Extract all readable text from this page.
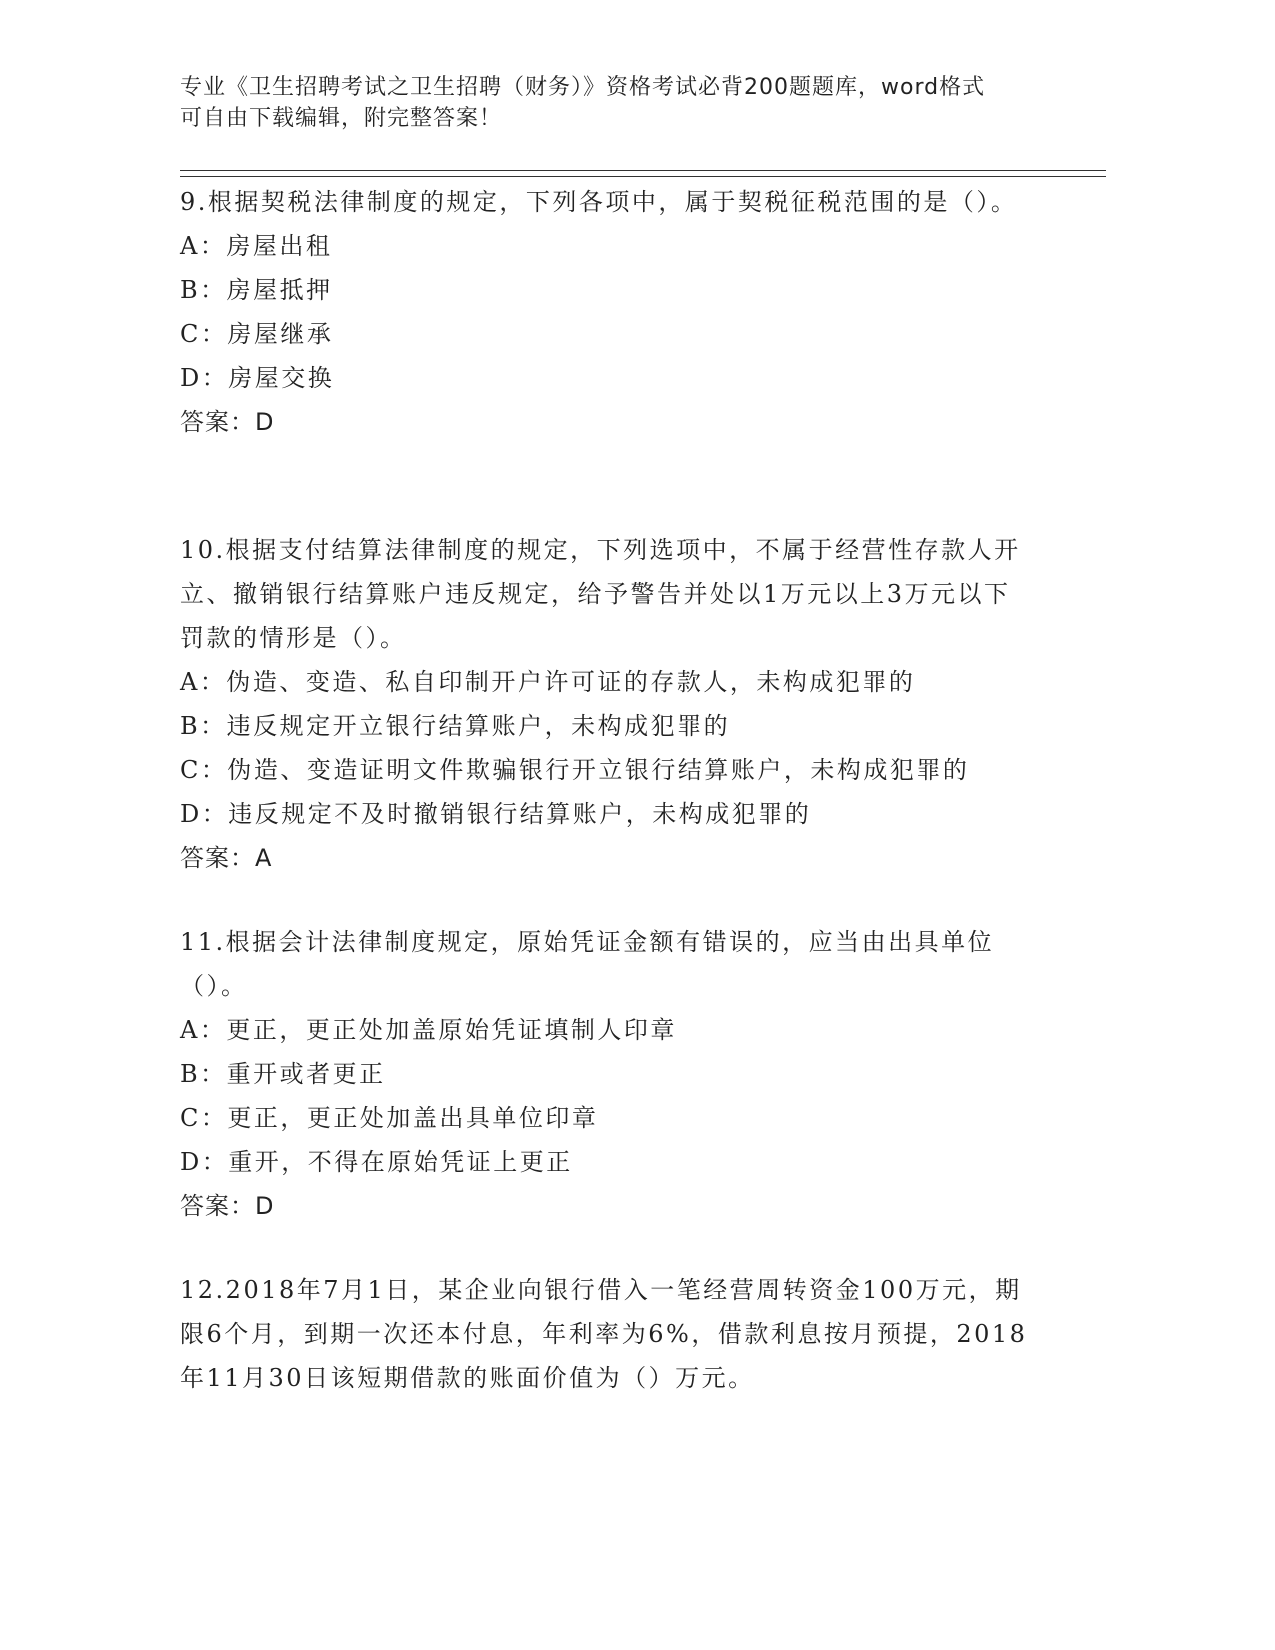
专业《卫生招聘考试之卫生招聘（财务）》资格考试必背200题题库，word格式

可自由下载编辑，附完整答案！

9.根据契税法律制度的规定，下列各项中，属于契税征税范围的是（）。

A：房屋出租

B：房屋抵押

C：房屋继承

D：房屋交换

答案：D

10.根据支付结算法律制度的规定，下列选项中，不属于经营性存款人开立、撤销银行结算账户违反规定，给予警告并处以1万元以上3万元以下罚款的情形是（）。

A：伪造、变造、私自印制开户许可证的存款人，未构成犯罪的

B：违反规定开立银行结算账户，未构成犯罪的

C：伪造、变造证明文件欺骗银行开立银行结算账户，未构成犯罪的

D：违反规定不及时撤销银行结算账户，未构成犯罪的

答案：A

11.根据会计法律制度规定，原始凭证金额有错误的，应当由出具单位（）。

A：更正，更正处加盖原始凭证填制人印章

B：重开或者更正

C：更正，更正处加盖出具单位印章

D：重开，不得在原始凭证上更正

答案：D

12.2018年7月1日，某企业向银行借入一笔经营周转资金100万元，期限6个月，到期一次还本付息，年利率为6%，借款利息按月预提，2018年11月30日该短期借款的账面价值为（）万元。
